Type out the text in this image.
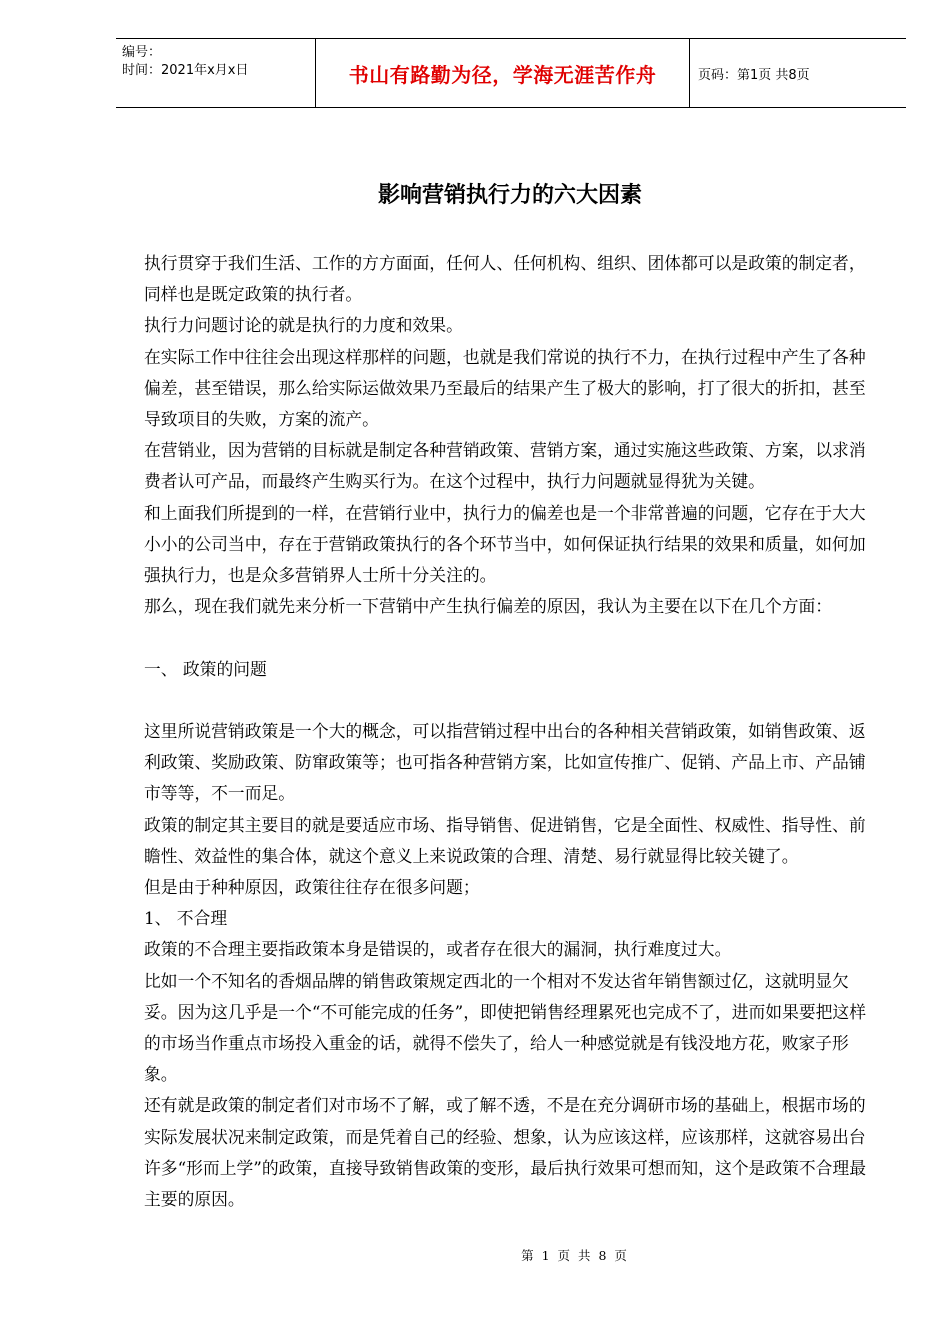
编号：
时间：2021年x月x日	书山有路勤为径，学海无涯苦作舟	页码：第1页 共8页
影响营销执行力的六大因素

执行贯穿于我们生活、工作的方方面面，任何人、任何机构、组织、团体都可以是政策的制定者，同样也是既定政策的执行者。

执行力问题讨论的就是执行的力度和效果。

在实际工作中往往会出现这样那样的问题，也就是我们常说的执行不力，在执行过程中产生了各种偏差，甚至错误，那么给实际运做效果乃至最后的结果产生了极大的影响，打了很大的折扣，甚至导致项目的失败，方案的流产。

在营销业，因为营销的目标就是制定各种营销政策、营销方案，通过实施这些政策、方案，以求消费者认可产品，而最终产生购买行为。在这个过程中，执行力问题就显得犹为关键。

和上面我们所提到的一样，在营销行业中，执行力的偏差也是一个非常普遍的问题，它存在于大大小小的公司当中，存在于营销政策执行的各个环节当中，如何保证执行结果的效果和质量，如何加强执行力，也是众多营销界人士所十分关注的。

那么，现在我们就先来分析一下营销中产生执行偏差的原因，我认为主要在以下在几个方面：

一、 政策的问题

这里所说营销政策是一个大的概念，可以指营销过程中出台的各种相关营销政策，如销售政策、返利政策、奖励政策、防窜政策等；也可指各种营销方案，比如宣传推广、促销、产品上市、产品铺市等等，不一而足。

政策的制定其主要目的就是要适应市场、指导销售、促进销售，它是全面性、权威性、指导性、前瞻性、效益性的集合体，就这个意义上来说政策的合理、清楚、易行就显得比较关键了。

但是由于种种原因，政策往往存在很多问题；

1、 不合理

政策的不合理主要指政策本身是错误的，或者存在很大的漏洞，执行难度过大。

比如一个不知名的香烟品牌的销售政策规定西北的一个相对不发达省年销售额过亿，这就明显欠妥。因为这几乎是一个“不可能完成的任务”，即使把销售经理累死也完成不了，进而如果要把这样的市场当作重点市场投入重金的话，就得不偿失了，给人一种感觉就是有钱没地方花，败家子形象。

还有就是政策的制定者们对市场不了解，或了解不透，不是在充分调研市场的基础上，根据市场的实际发展状况来制定政策，而是凭着自己的经验、想象，认为应该这样，应该那样，这就容易出台许多“形而上学”的政策，直接导致销售政策的变形，最后执行效果可想而知，这个是政策不合理最主要的原因。

第 1 页 共 8 页
